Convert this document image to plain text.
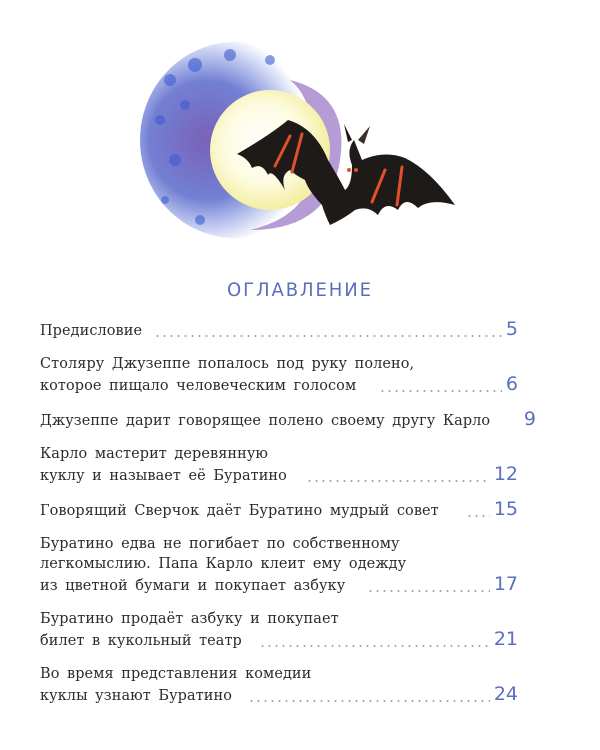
ОГЛАВЛЕНИЕ
Предисловие	5
Столяру Джузеппе попалось под руку полено,
которое пищало человеческим голосом	6
Джузеппе дарит говорящее полено своему другу Карло 9
Карло мастерит деревянную
куклу и называет её Буратино	12
Говорящий Сверчок даёт Буратино мудрый совет	15
Буратино едва не погибает по собственному
легкомыслию. Папа Карло клеит ему одежду
из цветной бумаги и покупает азбуку	17
Буратино продаёт азбуку и покупает
билет в кукольный театр	21
Во время представления комедии
куклы узнают Буратино	24
